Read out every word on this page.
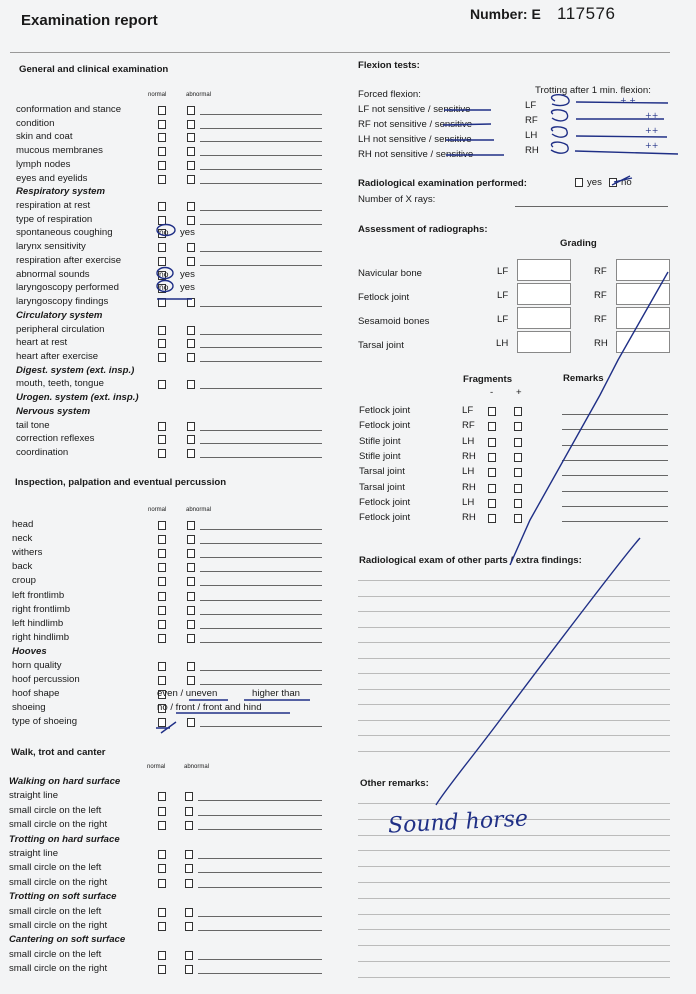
Examination report	Number: E 117576
General and clinical examination
normal	abnormal
conformation and stance
condition
skin and coat
mucous membranes
lymph nodes
eyes and eyelids
Respiratory system
respiration at rest
type of respiration
spontaneous coughing	no yes
larynx sensitivity
respiration after exercise
abnormal sounds	no yes
laryngoscopy performed	no yes
laryngoscopy findings
Circulatory system
peripheral circulation
heart at rest
heart after exercise
Digest. system (ext. insp.)
mouth, teeth, tongue
Urogen. system (ext. insp.)
Nervous system
tail tone
correction reflexes
coordination
Inspection, palpation and eventual percussion
normal	abnormal
head
neck
withers
back
croup
left frontlimb
right frontlimb
left hindlimb
right hindlimb
Hooves
horn quality
hoof percussion
hoof shape	even / uneven	higher than
shoeing	no / front / front and hind
type of shoeing
Walk, trot and canter
normal	abnormal
Walking on hard surface
straight line
small circle on the left
small circle on the right
Trotting on hard surface
straight line
small circle on the left
small circle on the right
Trotting on soft surface
small circle on the left
small circle on the right
Cantering on soft surface
small circle on the left
small circle on the right
Flexion tests:
Forced flexion:	Trotting after 1 min. flexion:
LF not sensitive / sensitive	LF	+ +
RF not sensitive / sensitive	RF	++
LH not sensitive / sensitive	LH	++
RH not sensitive / sensitive	RH	++
Radiological examination performed:	yes no
Number of X rays:
Assessment of radiographs:
Grading
Navicular bone	LF	RF
Fetlock joint	LF	RF
Sesamoid bones	LF	RF
Tarsal joint	LH	RH
Fragments	Remarks
- +
Fetlock joint	LF
Fetlock joint	RF
Stifle joint	LH
Stifle joint	RH
Tarsal joint	LH
Tarsal joint	RH
Fetlock joint	LH
Fetlock joint	RH
Radiological exam of other parts / extra findings:
Other remarks:
Sound horse
